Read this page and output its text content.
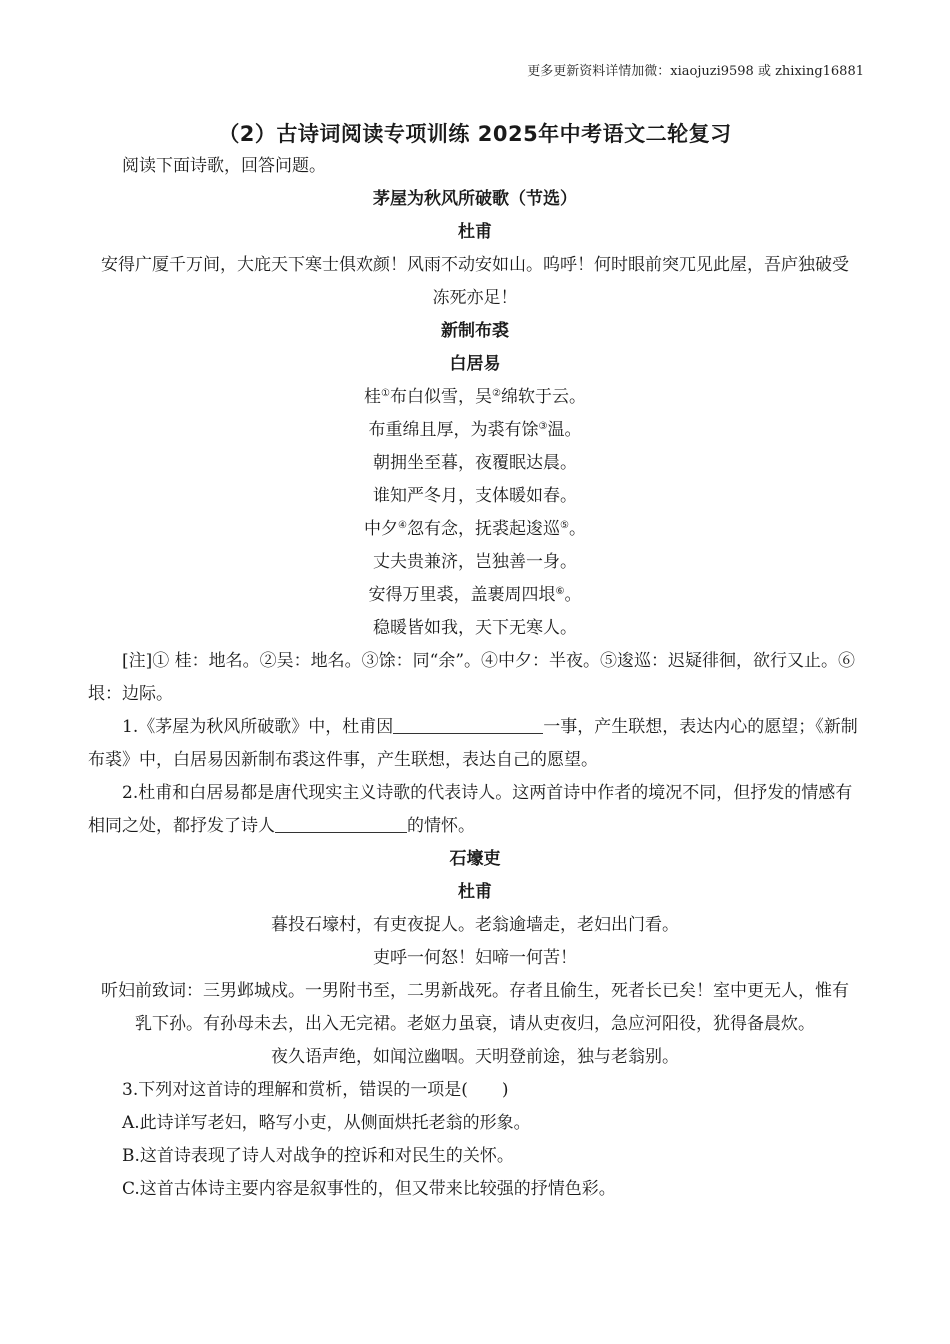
更多更新资料详情加微：xiaojuzi9598 或 zhixing16881
（2）古诗词阅读专项训练 2025年中考语文二轮复习

阅读下面诗歌，回答问题。

茅屋为秋风所破歌（节选）

杜甫

安得广厦千万间，大庇天下寒士俱欢颜！风雨不动安如山。呜呼！何时眼前突兀见此屋，吾庐独破受冻死亦足！

新制布裘

白居易

桂①布白似雪，吴②绵软于云。

布重绵且厚，为裘有馀③温。

朝拥坐至暮，夜覆眠达晨。

谁知严冬月，支体暖如春。

中夕④忽有念，抚裘起逡巡⑤。

丈夫贵兼济，岂独善一身。

安得万里裘，盖裹周四垠⑥。

稳暖皆如我，天下无寒人。

[注]① 桂：地名。②吴：地名。③馀：同“余”。④中夕：半夜。⑤逡巡：迟疑徘徊，欲行又止。⑥垠：边际。

1.《茅屋为秋风所破歌》中，杜甫因	一事，产生联想，表达内心的愿望；《新制布裘》中，白居易因新制布裘这件事，产生联想，表达自己的愿望。

2.杜甫和白居易都是唐代现实主义诗歌的代表诗人。这两首诗中作者的境况不同，但抒发的情感有相同之处，都抒发了诗人	的情怀。

石壕吏

杜甫

暮投石壕村，有吏夜捉人。老翁逾墙走，老妇出门看。

吏呼一何怒！妇啼一何苦！

听妇前致词：三男邺城戍。一男附书至，二男新战死。存者且偷生，死者长已矣！室中更无人，惟有乳下孙。有孙母未去，出入无完裙。老妪力虽衰，请从吏夜归，急应河阳役，犹得备晨炊。

夜久语声绝，如闻泣幽咽。天明登前途，独与老翁别。

3.下列对这首诗的理解和赏析，错误的一项是(　　)

A.此诗详写老妇，略写小吏，从侧面烘托老翁的形象。

B.这首诗表现了诗人对战争的控诉和对民生的关怀。

C.这首古体诗主要内容是叙事性的，但又带来比较强的抒情色彩。
